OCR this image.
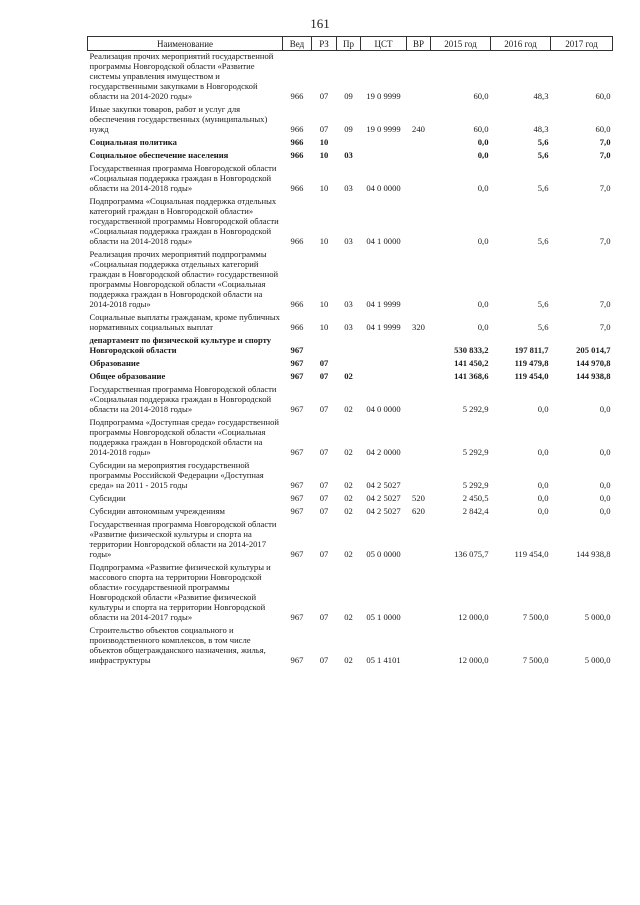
161
Наименование	Вед	РЗ	Пр	ЦСТ	ВР	2015 год	2016 год	2017 год
Реализация прочих мероприятий государственной программы Новгородской области «Развитие системы управления имуществом и государственными закупками в Новгородской области на 2014-2020 годы»	966	07	09	19 0 9999		60,0	48,3	60,0
Иные закупки товаров, работ и услуг для обеспечения государственных (муниципальных) нужд	966	07	09	19 0 9999	240	60,0	48,3	60,0
Социальная политика	966	10				0,0	5,6	7,0
Социальное обеспечение населения	966	10	03			0,0	5,6	7,0
Государственная программа Новгородской области «Социальная поддержка граждан в Новгородской области на 2014-2018 годы»	966	10	03	04 0 0000		0,0	5,6	7,0
Подпрограмма «Социальная поддержка отдельных категорий граждан в Новгородской области» государственной программы Новгородской области «Социальная поддержка граждан в Новгородской области на 2014-2018 годы»	966	10	03	04 1 0000		0,0	5,6	7,0
Реализация прочих мероприятий подпрограммы «Социальная поддержка отдельных категорий граждан в Новгородской области» государственной программы Новгородской области «Социальная поддержка граждан в Новгородской области на 2014-2018 годы»	966	10	03	04 1 9999		0,0	5,6	7,0
Социальные выплаты гражданам, кроме публичных нормативных социальных выплат	966	10	03	04 1 9999	320	0,0	5,6	7,0
департамент по физической культуре и спорту Новгородской области	967					530 833,2	197 811,7	205 014,7
Образование	967	07				141 450,2	119 479,8	144 970,8
Общее образование	967	07	02			141 368,6	119 454,0	144 938,8
Государственная программа Новгородской области «Социальная поддержка граждан в Новгородской области на 2014-2018 годы»	967	07	02	04 0 0000		5 292,9	0,0	0,0
Подпрограмма «Доступная среда» государственной программы Новгородской области «Социальная поддержка граждан в Новгородской области на 2014-2018 годы»	967	07	02	04 2 0000		5 292,9	0,0	0,0
Субсидии на мероприятия государственной программы Российской Федерации «Доступная среда» на 2011 - 2015 годы	967	07	02	04 2 5027		5 292,9	0,0	0,0
Субсидии	967	07	02	04 2 5027	520	2 450,5	0,0	0,0
Субсидии автономным учреждениям	967	07	02	04 2 5027	620	2 842,4	0,0	0,0
Государственная программа Новгородской области «Развитие физической культуры и спорта на территории Новгородской области на 2014-2017 годы»	967	07	02	05 0 0000		136 075,7	119 454,0	144 938,8
Подпрограмма «Развитие физической культуры и массового спорта на территории Новгородской области» государственной программы Новгородской области «Развитие физической культуры и спорта на территории Новгородской области на 2014-2017 годы»	967	07	02	05 1 0000		12 000,0	7 500,0	5 000,0
Строительство объектов социального и производственного комплексов, в том числе объектов общегражданского назначения, жилья, инфраструктуры	967	07	02	05 1 4101		12 000,0	7 500,0	5 000,0
